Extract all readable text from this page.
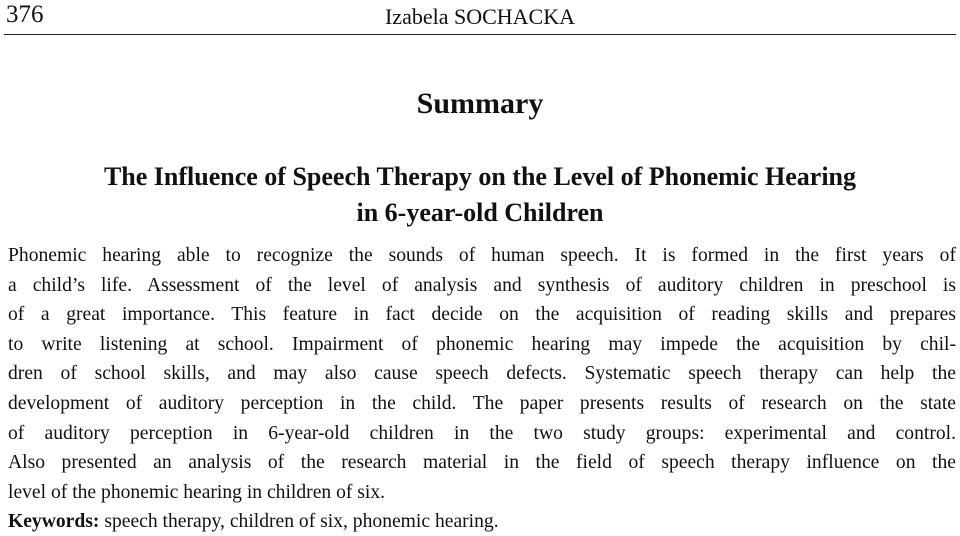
376	Izabela SOCHACKA
Summary
The Influence of Speech Therapy on the Level of Phonemic Hearing
in 6-year-old Children

Phonemic hearing able to recognize the sounds of human speech. It is formed in the first years of
a child’s life. Assessment of the level of analysis and synthesis of auditory children in preschool is
of a great importance. This feature in fact decide on the acquisition of reading skills and prepares
to write listening at school. Impairment of phonemic hearing may impede the acquisition by chil-
dren of school skills, and may also cause speech defects. Systematic speech therapy can help the
development of auditory perception in the child. The paper presents results of research on the state
of auditory perception in 6-year-old children in the two study groups: experimental and control.
Also presented an analysis of the research material in the field of speech therapy influence on the
level of the phonemic hearing in children of six.

Keywords: speech therapy, children of six, phonemic hearing.
